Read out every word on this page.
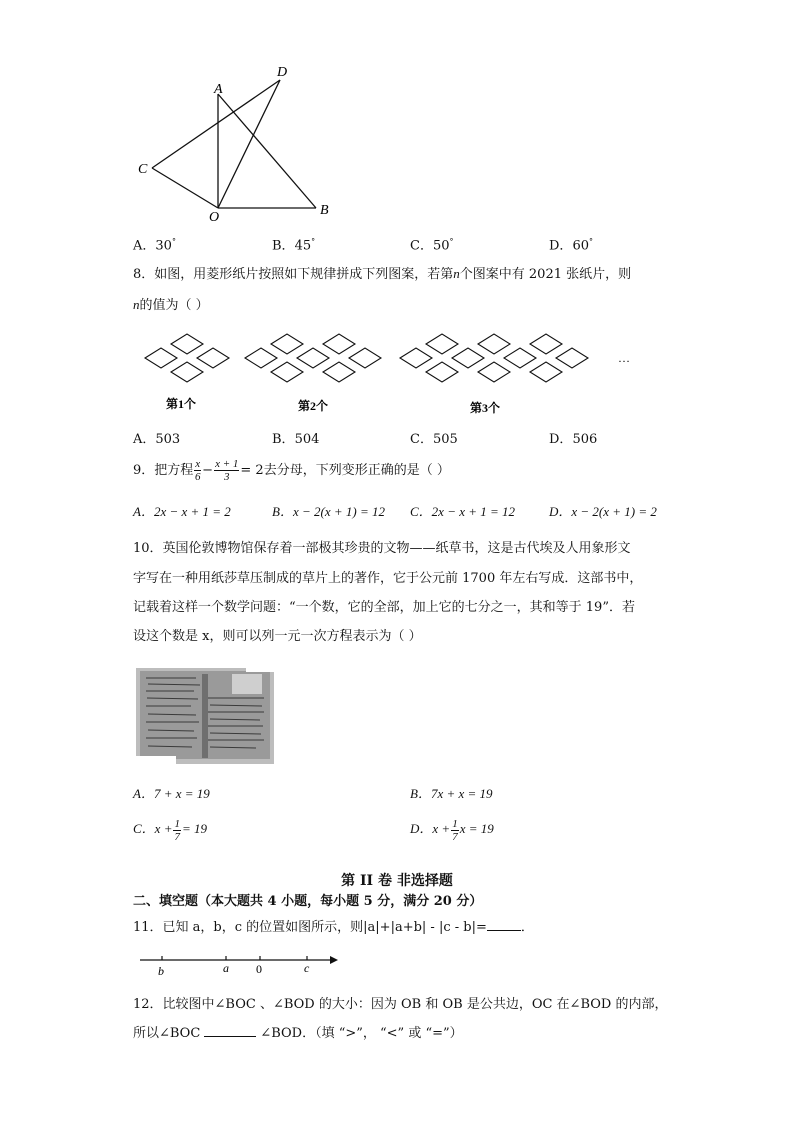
A
D
C
O	B
A．30°	B．45°	C．50°	D．60°
8．如图，用菱形纸片按照如下规律拼成下列图案，若第n个图案中有 2021 张纸片，则
n的值为（ ）
…
第1个	第2个	第3个
A．503	B．504	C．505	D．506
9．把方程 $\frac{x}{6} - \frac{x + 1}{3} = 2$去分母，下列变形正确的是（ ）
A．2x − x + 1 = 2	B．x − 2(x + 1) = 12 C．2x − x + 1 = 12	D．x − 2(x + 1) = 2
10．英国伦敦博物馆保存着一部极其珍贵的文物——纸草书，这是古代埃及人用象形文
字写在一种用纸莎草压制成的草片上的著作，它于公元前 1700 年左右写成．这部书中，
记载着这样一个数学问题：“一个数，它的全部，加上它的七分之一，其和等于 19”．若
设这个数是 x，则可以列一元一次方程表示为（ ）
A．7 + x = 19	B．7x + x = 19
C．$x + \frac{1}{7} = 19$	D．$x + \frac{1}{7}$ x = 19
第 II 卷 非选择题
二、填空题（本大题共 4 小题，每小题 5 分，满分 20 分）
11．已知 a，b，c 的位置如图所示，则|a|+|a+b| - |c - b|=	．
b	a 0	c
12．比较图中∠BOC 、∠BOD 的大小：因为 OB 和 OB 是公共边，OC 在∠BOD 的内部，
所以∠BOC	∠BOD．（填 “>”， “<” 或 “=”）
